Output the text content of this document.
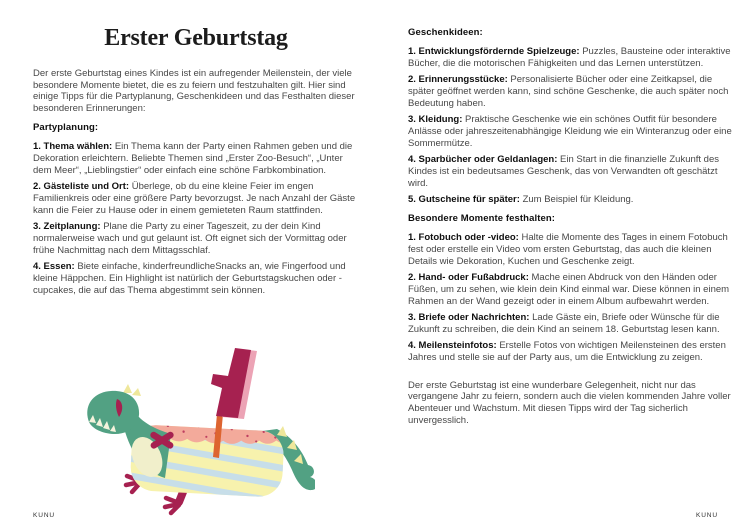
Erster Geburtstag

Der erste Geburtstag eines Kindes ist ein aufregender Meilenstein, der viele besondere Momente bietet, die es zu feiern und festzuhalten gilt. Hier sind einige Tipps für die Partyplanung, Geschenkideen und das Festhalten dieser besonderen Erinnerungen:

Partyplanung:

1. Thema wählen: Ein Thema kann der Party einen Rahmen geben und die Dekoration erleichtern. Beliebte Themen sind „Erster Zoo-Besuch“, „Unter dem Meer“, „Lieblingstier“ oder einfach eine schöne Farbkombination.

2. Gästeliste und Ort: Überlege, ob du eine kleine Feier im engen Familienkreis oder eine größere Party bevorzugst. Je nach Anzahl der Gäste kann die Feier zu Hause oder in einem gemieteten Raum stattfinden.

3. Zeitplanung: Plane die Party zu einer Tageszeit, zu der dein Kind normalerweise wach und gut gelaunt ist. Oft eignet sich der Vormittag oder frühe Nachmittag nach dem Mittagsschlaf.

4. Essen: Biete einfache, kinderfreundlicheSnacks an, wie Fingerfood und kleine Häppchen. Ein Highlight ist natürlich der Geburtstagskuchen oder -cupcakes, die auf das Thema abgestimmt sein können.

KUNU
Geschenkideen:

1. Entwicklungsfördernde Spielzeuge: Puzzles, Bausteine oder interaktive Bücher, die die motorischen Fähigkeiten und das Lernen unterstützen.

2. Erinnerungsstücke: Personalisierte Bücher oder eine Zeitkapsel, die später geöffnet werden kann, sind schöne Geschenke, die auch später noch Bedeutung haben.

3. Kleidung: Praktische Geschenke wie ein schönes Outfit für besondere Anlässe oder jahreszeitenabhängige Kleidung wie ein Winteranzug oder eine Sommermütze.

4. Sparbücher oder Geldanlagen: Ein Start in die finanzielle Zukunft des Kindes ist ein bedeutsames Geschenk, das von Verwandten oft geschätzt wird.

5. Gutscheine für später: Zum Beispiel für Kleidung.

Besondere Momente festhalten:

1. Fotobuch oder -video: Halte die Momente des Tages in einem Fotobuch fest oder erstelle ein Video vom ersten Geburtstag, das auch die kleinen Details wie Dekoration, Kuchen und Geschenke zeigt.

2. Hand- oder Fußabdruck: Mache einen Abdruck von den Händen oder Füßen, um zu sehen, wie klein dein Kind einmal war. Diese können in einem Rahmen an der Wand gezeigt oder in einem Album aufbewahrt werden.

3. Briefe oder Nachrichten: Lade Gäste ein, Briefe oder Wünsche für die Zukunft zu schreiben, die dein Kind an seinem 18. Geburtstag lesen kann.

4. Meilensteinfotos: Erstelle Fotos von wichtigen Meilensteinen des ersten Jahres und stelle sie auf der Party aus, um die Entwicklung zu zeigen.

Der erste Geburtstag ist eine wunderbare Gelegenheit, nicht nur das vergangene Jahr zu feiern, sondern auch die vielen kommenden Jahre voller Abenteuer und Wachstum. Mit diesen Tipps wird der Tag sicherlich unvergesslich.

KUNU
